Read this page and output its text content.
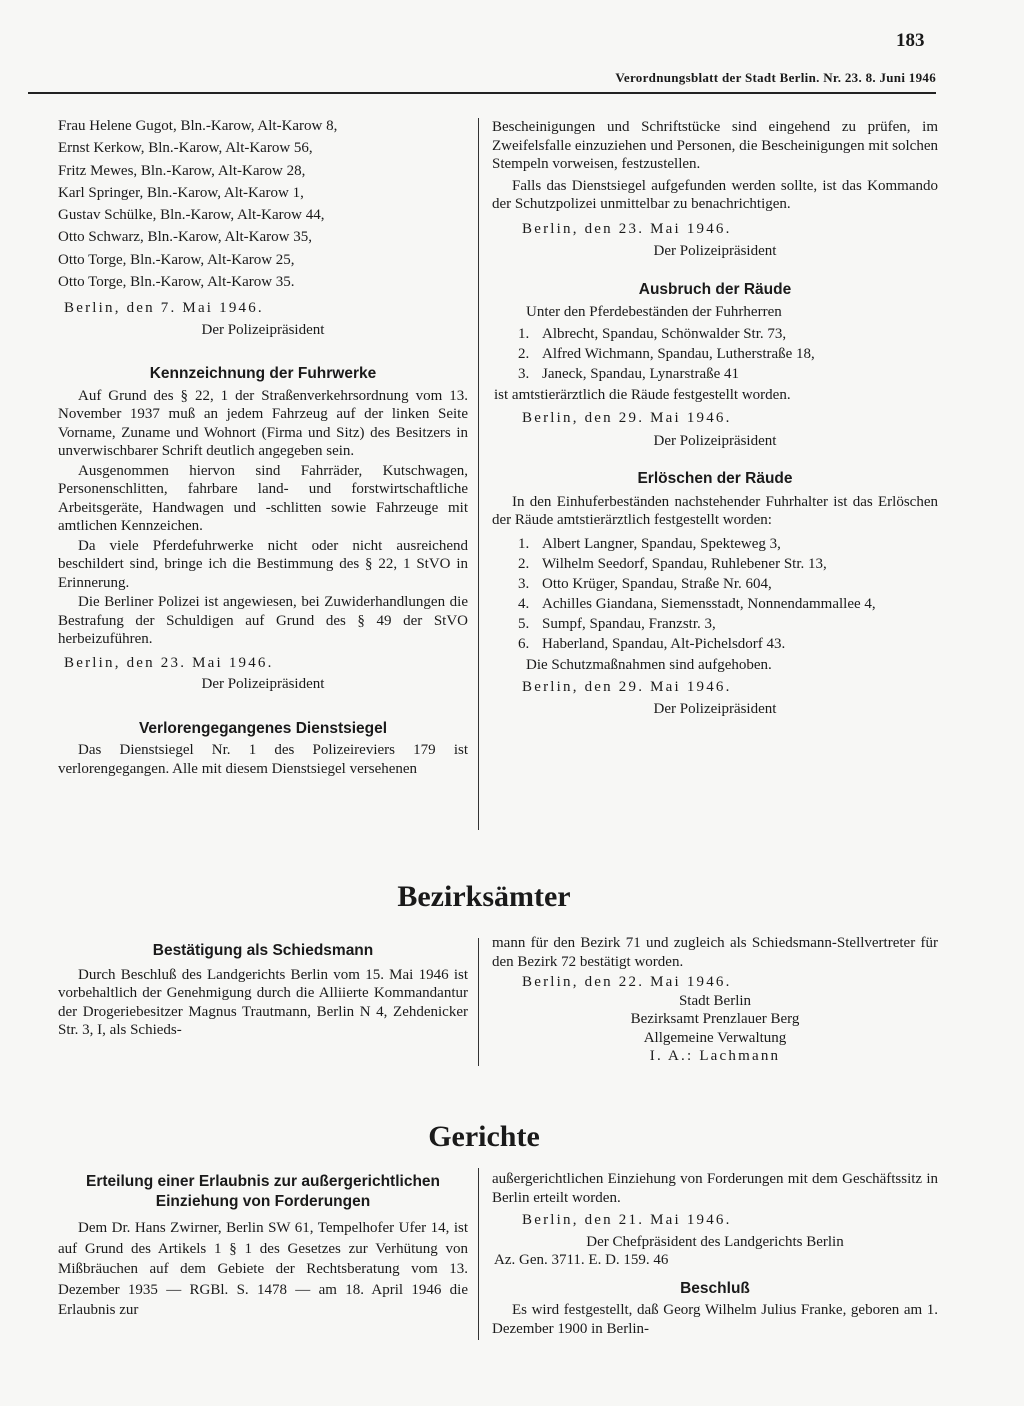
183
Verordnungsblatt der Stadt Berlin. Nr. 23. 8. Juni 1946

Frau Helene Gugot, Bln.-Karow, Alt-Karow 8,

Ernst Kerkow, Bln.-Karow, Alt-Karow 56,

Fritz Mewes, Bln.-Karow, Alt-Karow 28,

Karl Springer, Bln.-Karow, Alt-Karow 1,

Gustav Schülke, Bln.-Karow, Alt-Karow 44,

Otto Schwarz, Bln.-Karow, Alt-Karow 35,

Otto Torge, Bln.-Karow, Alt-Karow 25,

Otto Torge, Bln.-Karow, Alt-Karow 35.

Berlin, den 7. Mai 1946.

Der Polizeipräsident

Kennzeichnung der Fuhrwerke

Auf Grund des § 22, 1 der Straßenverkehrsordnung vom 13. November 1937 muß an jedem Fahrzeug auf der linken Seite Vorname, Zuname und Wohnort (Firma und Sitz) des Besitzers in unverwischbarer Schrift deutlich angegeben sein.

Ausgenommen hiervon sind Fahrräder, Kutschwagen, Personenschlitten, fahrbare land- und forstwirtschaftliche Arbeitsgeräte, Handwagen und -schlitten sowie Fahrzeuge mit amtlichen Kennzeichen.

Da viele Pferdefuhrwerke nicht oder nicht ausreichend beschildert sind, bringe ich die Bestimmung des § 22, 1 StVO in Erinnerung.

Die Berliner Polizei ist angewiesen, bei Zuwiderhandlungen die Bestrafung der Schuldigen auf Grund des § 49 der StVO herbeizuführen.

Berlin, den 23. Mai 1946.

Der Polizeipräsident

Verlorengegangenes Dienstsiegel

Das Dienstsiegel Nr. 1 des Polizeireviers 179 ist verlorengegangen. Alle mit diesem Dienstsiegel versehenen

Bescheinigungen und Schriftstücke sind eingehend zu prüfen, im Zweifelsfalle einzuziehen und Personen, die Bescheinigungen mit solchen Stempeln vorweisen, festzustellen.

Falls das Dienstsiegel aufgefunden werden sollte, ist das Kommando der Schutzpolizei unmittelbar zu benachrichtigen.

Berlin, den 23. Mai 1946.

Der Polizeipräsident

Ausbruch der Räude

Unter den Pferdebeständen der Fuhrherren

1. Albrecht, Spandau, Schönwalder Str. 73,

2. Alfred Wichmann, Spandau, Lutherstraße 18,

3. Janeck, Spandau, Lynarstraße 41

ist amtstierärztlich die Räude festgestellt worden.

Berlin, den 29. Mai 1946.

Der Polizeipräsident

Erlöschen der Räude

In den Einhuferbeständen nachstehender Fuhrhalter ist das Erlöschen der Räude amtstierärztlich festgestellt worden:

1. Albert Langner, Spandau, Spekteweg 3,

2. Wilhelm Seedorf, Spandau, Ruhlebener Str. 13,

3. Otto Krüger, Spandau, Straße Nr. 604,

4. Achilles Giandana, Siemensstadt, Nonnendammallee 4,

5. Sumpf, Spandau, Franzstr. 3,

6. Haberland, Spandau, Alt-Pichelsdorf 43.

Die Schutzmaßnahmen sind aufgehoben.

Berlin, den 29. Mai 1946.

Der Polizeipräsident

Bezirksämter

Bestätigung als Schiedsmann

Durch Beschluß des Landgerichts Berlin vom 15. Mai 1946 ist vorbehaltlich der Genehmigung durch die Alliierte Kommandantur der Drogeriebesitzer Magnus Trautmann, Berlin N 4, Zehdenicker Str. 3, I, als Schieds-

mann für den Bezirk 71 und zugleich als Schiedsmann-Stellvertreter für den Bezirk 72 bestätigt worden.

Berlin, den 22. Mai 1946.

Stadt Berlin

Bezirksamt Prenzlauer Berg

Allgemeine Verwaltung

I. A.: Lachmann

Gerichte

Erteilung einer Erlaubnis zur außergerichtlichen Einziehung von Forderungen

Dem Dr. Hans Zwirner, Berlin SW 61, Tempelhofer Ufer 14, ist auf Grund des Artikels 1 § 1 des Gesetzes zur Verhütung von Mißbräuchen auf dem Gebiete der Rechtsberatung vom 13. Dezember 1935 — RGBl. S. 1478 — am 18. April 1946 die Erlaubnis zur

außergerichtlichen Einziehung von Forderungen mit dem Geschäftssitz in Berlin erteilt worden.

Berlin, den 21. Mai 1946.

Der Chefpräsident des Landgerichts Berlin

Az. Gen. 3711. E. D. 159. 46

Beschluß

Es wird festgestellt, daß Georg Wilhelm Julius Franke, geboren am 1. Dezember 1900 in Berlin-
